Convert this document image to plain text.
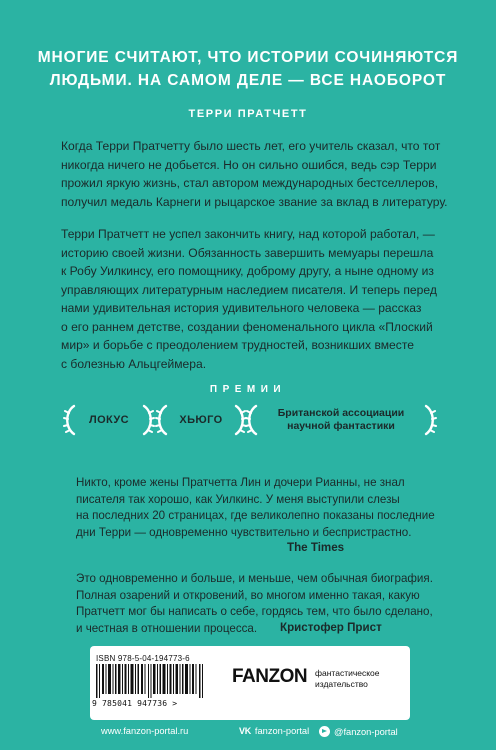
МНОГИЕ СЧИТАЮТ, ЧТО ИСТОРИИ СОЧИНЯЮТСЯ
ЛЮДЬМИ. НА САМОМ ДЕЛЕ — ВСЕ НАОБОРОТ
ТЕРРИ ПРАТЧЕТТ
Когда Терри Пратчетту было шесть лет, его учитель сказал, что тот
никогда ничего не добьется. Но он сильно ошибся, ведь сэр Терри
прожил яркую жизнь, стал автором международных бестселлеров,
получил медаль Карнеги и рыцарское звание за вклад в литературу.
Терри Пратчетт не успел закончить книгу, над которой работал, —
историю своей жизни. Обязанность завершить мемуары перешла
к Робу Уилкинсу, его помощнику, доброму другу, а ныне одному из
управляющих литературным наследием писателя. И теперь перед
нами удивительная история удивительного человека — рассказ
о его раннем детстве, создании феноменального цикла «Плоский
мир» и борьбе с преодолением трудностей, возникших вместе
с болезнью Альцгеймера.
ПРЕМИИ
ЛОКУС	ХЬЮГО
Британской ассоциации
научной фантастики
Никто, кроме жены Пратчетта Лин и дочери Рианны, не знал
писателя так хорошо, как Уилкинс. У меня выступили слезы
на последних 20 страницах, где великолепно показаны последние
дни Терри — одновременно чувствительно и беспристрастно.
The Times
Это одновременно и больше, и меньше, чем обычная биография.
Полная озарений и откровений, во многом именно такая, какую
Пратчетт мог бы написать о себе, гордясь тем, что было сделано,
и честная в отношении процесса.	Кристофер Прист
ISBN 978-5-04-194773-6
9 785041 947736 >
FANZON фантастическое
издательство
www.fanzon-portal.ru	VK fanzon-portal	@fanzon-portal
